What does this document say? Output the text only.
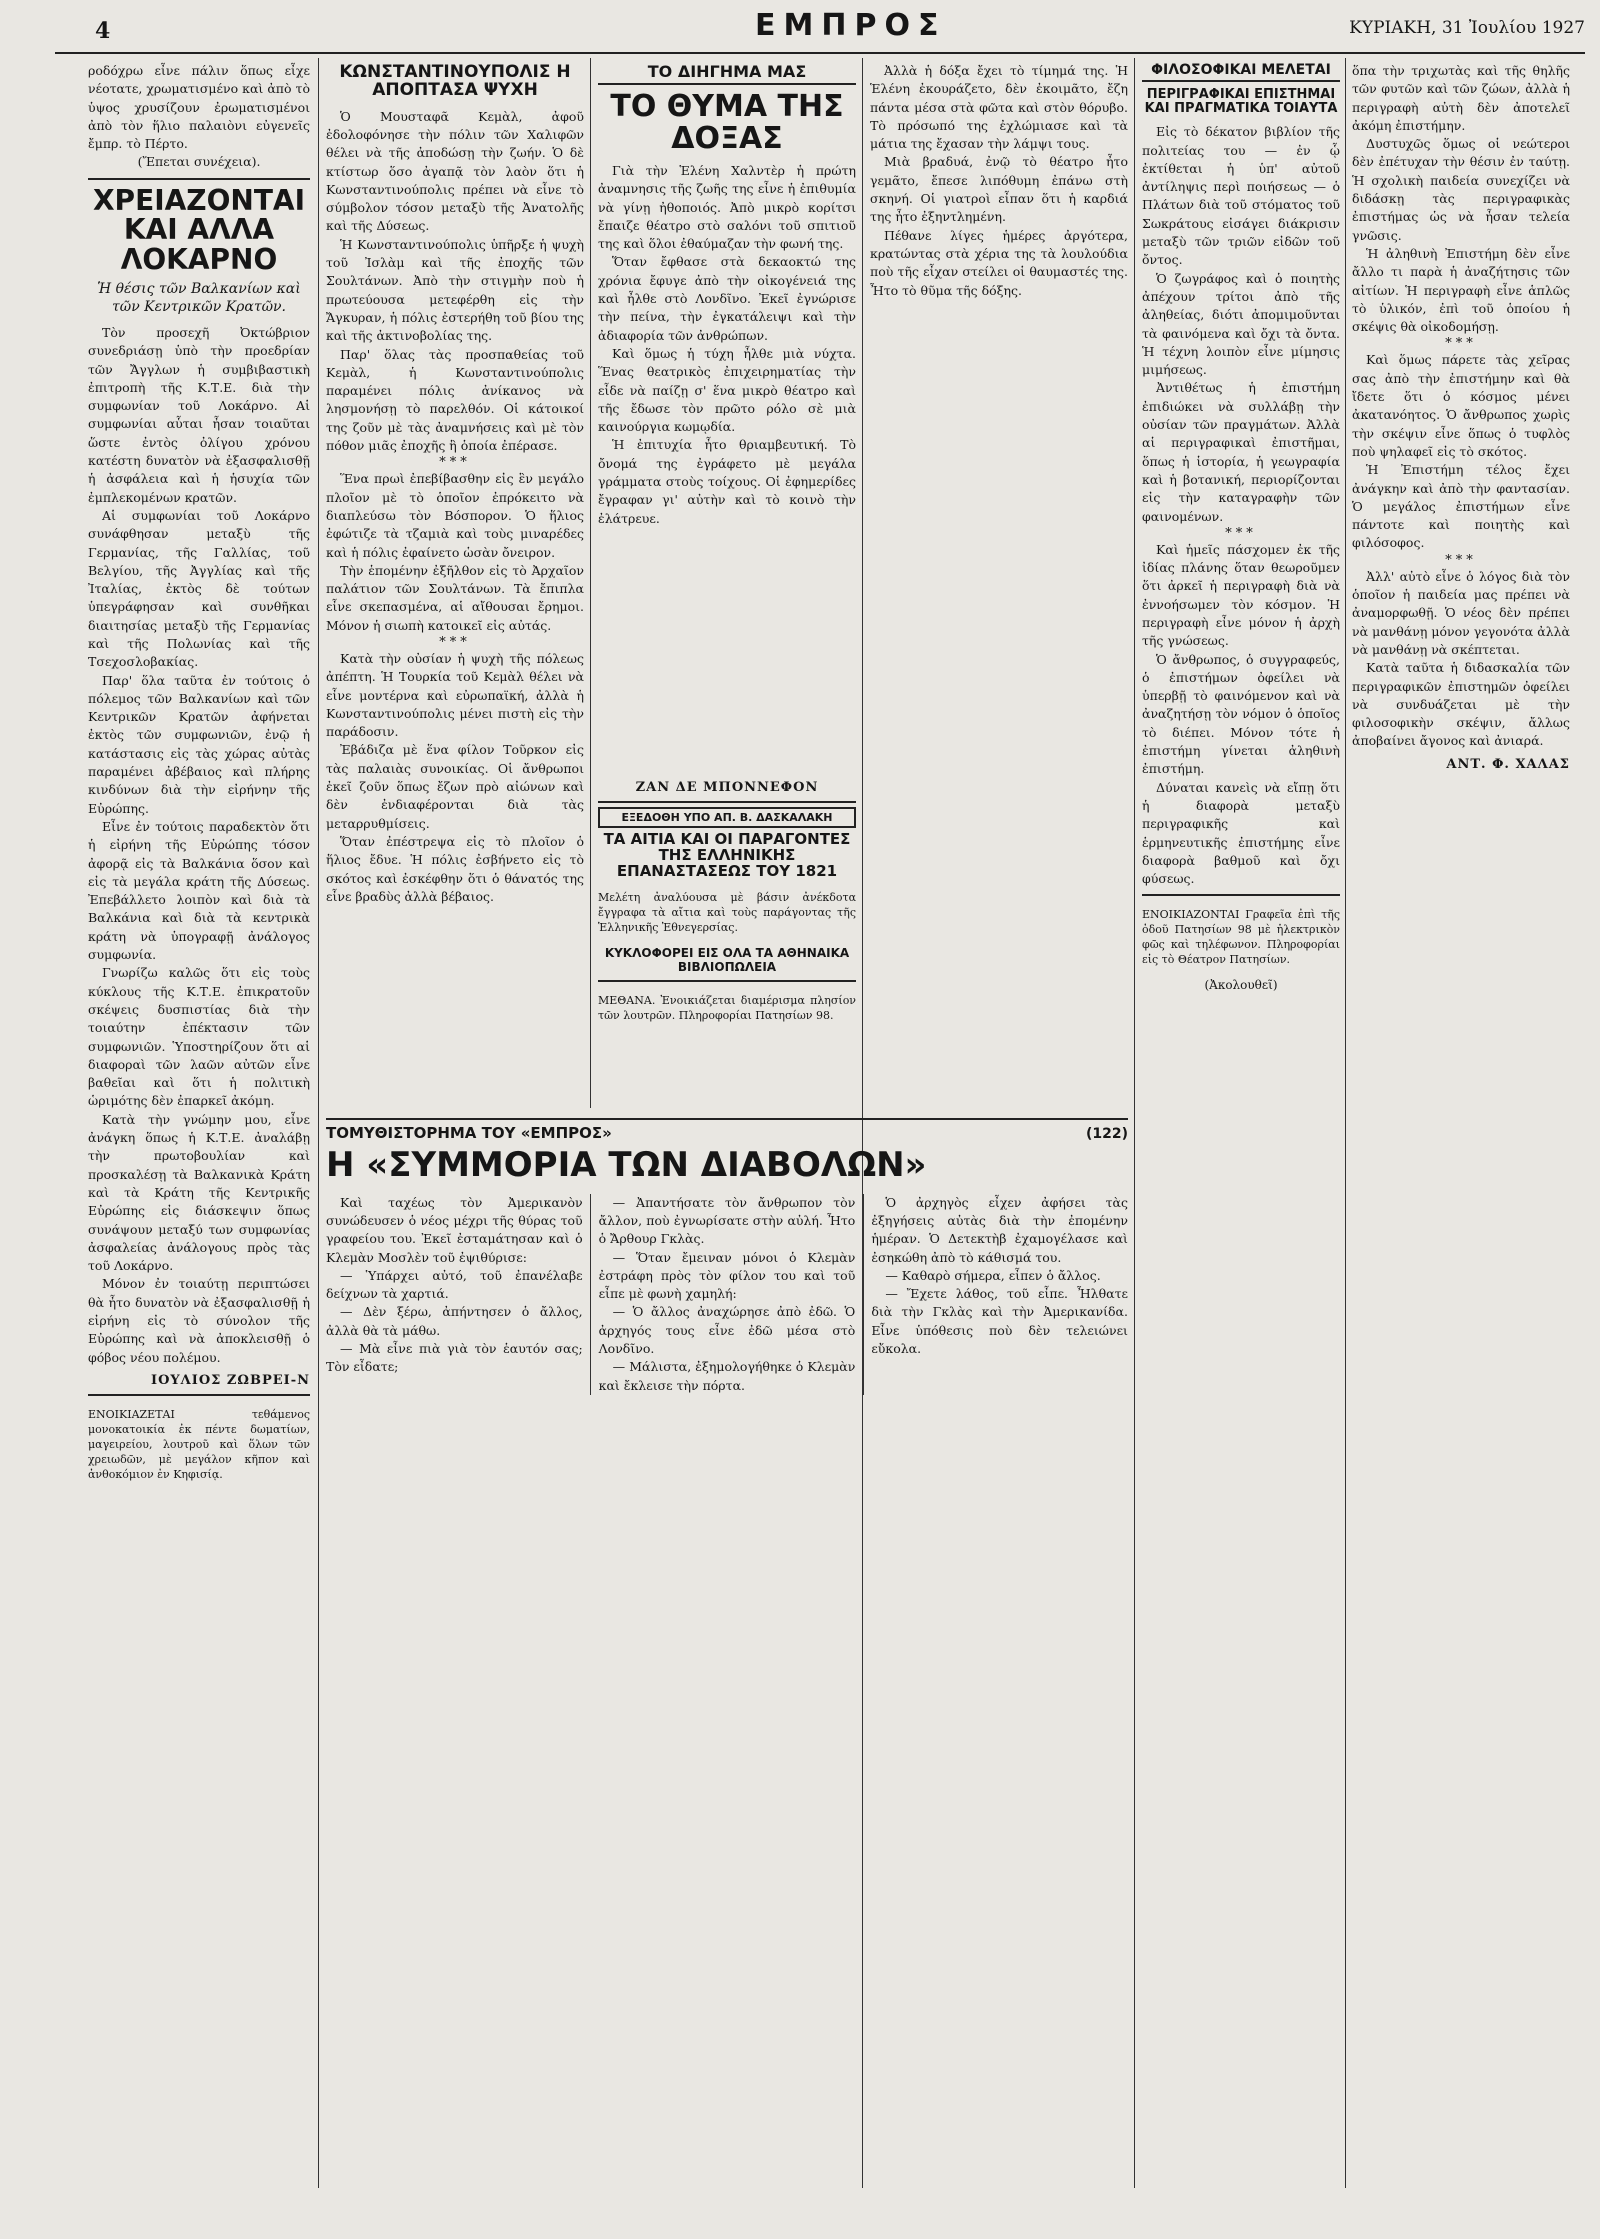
4	ΕΜΠΡΟΣ	ΚΥΡΙΑΚΗ, 31 Ἰουλίου 1927

ροδόχρω εἶνε πάλιν ὅπως εἶχε νέοτατε, χρωματισμένο καὶ ἀπὸ τὸ ὑψος χρυσίζουν ἐρωματισμένοι ἀπὸ τὸν ἥλιο παλαιὸνι εὐγενεῖς ἔμπρ. τὸ Πέρτο.

(Ἔπεται συνέχεια).

ΧΡΕΙΑΖΟΝΤΑΙ ΚΑΙ ΑΛΛΑ ΛΟΚΑΡΝΟ
Ἡ θέσις τῶν Βαλκανίων καὶ τῶν Κεντρικῶν Κρατῶν.

Τὸν προσεχῆ Ὀκτώβριον συνεδριάσῃ ὑπὸ τὴν προεδρίαν τῶν Ἄγγλων ἡ συμβιβαστικὴ ἐπιτροπὴ τῆς Κ.Τ.Ε. διὰ τὴν συμφωνίαν τοῦ Λοκάρνο. Αἱ συμφωνίαι αὗται ἦσαν τοιαῦται ὥστε ἐντὸς ὀλίγου χρόνου κατέστη δυνατὸν νὰ ἐξασφαλισθῇ ἡ ἀσφάλεια καὶ ἡ ἡσυχία τῶν ἐμπλεκομένων κρατῶν.

Αἱ συμφωνίαι τοῦ Λοκάρνο συνάφθησαν μεταξὺ τῆς Γερμανίας, τῆς Γαλλίας, τοῦ Βελγίου, τῆς Ἀγγλίας καὶ τῆς Ἰταλίας, ἐκτὸς δὲ τούτων ὑπεγράφησαν καὶ συνθῆκαι διαιτησίας μεταξὺ τῆς Γερμανίας καὶ τῆς Πολωνίας καὶ τῆς Τσεχοσλοβακίας.

Παρ' ὅλα ταῦτα ἐν τούτοις ὁ πόλεμος τῶν Βαλκανίων καὶ τῶν Κεντρικῶν Κρατῶν ἀφήνεται ἐκτὸς τῶν συμφωνιῶν, ἐνῷ ἡ κατάστασις εἰς τὰς χώρας αὐτὰς παραμένει ἀβέβαιος καὶ πλήρης κινδύνων διὰ τὴν εἰρήνην τῆς Εὐρώπης.

Εἶνε ἐν τούτοις παραδεκτὸν ὅτι ἡ εἰρήνη τῆς Εὐρώπης τόσον ἀφορᾷ εἰς τὰ Βαλκάνια ὅσον καὶ εἰς τὰ μεγάλα κράτη τῆς Δύσεως. Ἐπεβάλλετο λοιπὸν καὶ διὰ τὰ Βαλκάνια καὶ διὰ τὰ κεντρικὰ κράτη νὰ ὑπογραφῇ ἀνάλογος συμφωνία.

Γνωρίζω καλῶς ὅτι εἰς τοὺς κύκλους τῆς Κ.Τ.Ε. ἐπικρατοῦν σκέψεις δυσπιστίας διὰ τὴν τοιαύτην ἐπέκτασιν τῶν συμφωνιῶν. Ὑποστηρίζουν ὅτι αἱ διαφοραὶ τῶν λαῶν αὐτῶν εἶνε βαθεῖαι καὶ ὅτι ἡ πολιτικὴ ὡριμότης δὲν ἐπαρκεῖ ἀκόμη.

Κατὰ τὴν γνώμην μου, εἶνε ἀνάγκη ὅπως ἡ Κ.Τ.Ε. ἀναλάβῃ τὴν πρωτοβουλίαν καὶ προσκαλέσῃ τὰ Βαλκανικὰ Κράτη καὶ τὰ Κράτη τῆς Κεντρικῆς Εὐρώπης εἰς διάσκεψιν ὅπως συνάψουν μεταξύ των συμφωνίας ἀσφαλείας ἀνάλογους πρὸς τὰς τοῦ Λοκάρνο.

Μόνον ἐν τοιαύτῃ περιπτώσει θὰ ἦτο δυνατὸν νὰ ἐξασφαλισθῇ ἡ εἰρήνη εἰς τὸ σύνολον τῆς Εὐρώπης καὶ νὰ ἀποκλεισθῇ ὁ φόβος νέου πολέμου.

ΙΟΥΛΙΟΣ ΖΩΒΡΕΙ-Ν

ΕΝΟΙΚΙΑΖΕΤΑΙ τεθάμενος μονοκατοικία ἐκ πέντε δωματίων, μαγειρείου, λουτροῦ καὶ ὅλων τῶν χρειωδῶν, μὲ μεγάλον κῆπον καὶ ἀνθοκόμιον ἐν Κηφισίᾳ.

ΚΩΝΣΤΑΝΤΙΝΟΥΠΟΛΙΣ Η ΑΠΟΠΤΑΣΑ ΨΥΧΗ

Ὁ Μουσταφᾶ Κεμὰλ, ἀφοῦ ἐδολοφόνησε τὴν πόλιν τῶν Χαλιφῶν θέλει νὰ τῆς ἀποδώσῃ τὴν ζωήν. Ὁ δὲ κτίστωρ ὅσο ἀγαπᾷ τὸν λαὸν ὅτι ἡ Κωνσταντινούπολις πρέπει νὰ εἶνε τὸ σύμβολον τόσον μεταξὺ τῆς Ἀνατολῆς καὶ τῆς Δύσεως.

Ἡ Κωνσταντινούπολις ὑπῆρξε ἡ ψυχὴ τοῦ Ἰσλὰμ καὶ τῆς ἐποχῆς τῶν Σουλτάνων. Ἀπὸ τὴν στιγμὴν ποὺ ἡ πρωτεύουσα μετεφέρθη εἰς τὴν Ἄγκυραν, ἡ πόλις ἐστερήθη τοῦ βίου της καὶ τῆς ἀκτινοβολίας της.

Παρ' ὅλας τὰς προσπαθείας τοῦ Κεμὰλ, ἡ Κωνσταντινούπολις παραμένει πόλις ἀνίκανος νὰ λησμονήσῃ τὸ παρελθόν. Οἱ κάτοικοί της ζοῦν μὲ τὰς ἀναμνήσεις καὶ μὲ τὸν πόθον μιᾶς ἐποχῆς ἣ ὁποία ἐπέρασε.

***

Ἕνα πρωὶ ἐπεβίβασθην εἰς ἓν μεγάλο πλοῖον μὲ τὸ ὁποῖον ἐπρόκειτο νὰ διαπλεύσω τὸν Βόσπορον. Ὁ ἥλιος ἐφώτιζε τὰ τζαμιὰ καὶ τοὺς μιναρέδες καὶ ἡ πόλις ἐφαίνετο ὡσὰν ὄνειρον.

Τὴν ἑπομένην ἐξῆλθον εἰς τὸ Ἀρχαῖον παλάτιον τῶν Σουλτάνων. Τὰ ἔπιπλα εἶνε σκεπασμένα, αἱ αἴθουσαι ἔρημοι. Μόνον ἡ σιωπὴ κατοικεῖ εἰς αὐτάς.

***

Κατὰ τὴν οὐσίαν ἡ ψυχὴ τῆς πόλεως ἀπέπτη. Ἡ Τουρκία τοῦ Κεμὰλ θέλει νὰ εἶνε μοντέρνα καὶ εὐρωπαϊκή, ἀλλὰ ἡ Κωνσταντινούπολις μένει πιστὴ εἰς τὴν παράδοσιν.

Ἐβάδιζα μὲ ἕνα φίλον Τοῦρκον εἰς τὰς παλαιὰς συνοικίας. Οἱ ἄνθρωποι ἐκεῖ ζοῦν ὅπως ἔζων πρὸ αἰώνων καὶ δὲν ἐνδιαφέρονται διὰ τὰς μεταρρυθμίσεις.

Ὅταν ἐπέστρεψα εἰς τὸ πλοῖον ὁ ἥλιος ἔδυε. Ἡ πόλις ἐσβήνετο εἰς τὸ σκότος καὶ ἐσκέφθην ὅτι ὁ θάνατός της εἶνε βραδὺς ἀλλὰ βέβαιος.

ΖΑΝ ΔΕ ΜΠΟΝΝΕΦΟΝ
ΕΞΕΔΟΘΗ ΥΠΟ ΑΠ. Β. ΔΑΣΚΑΛΑΚΗ
ΤΑ ΑΙΤΙΑ ΚΑΙ ΟΙ ΠΑΡΑΓΟΝΤΕΣ ΤΗΣ ΕΛΛΗΝΙΚΗΣ ΕΠΑΝΑΣΤΑΣΕΩΣ ΤΟΥ 1821

Μελέτη ἀναλύουσα μὲ βάσιν ἀνέκδοτα ἔγγραφα τὰ αἴτια καὶ τοὺς παράγοντας τῆς Ἑλληνικῆς Ἐθνεγερσίας.

ΚΥΚΛΟΦΟΡΕΙ ΕΙΣ ΟΛΑ ΤΑ ΑΘΗΝΑΙΚΑ ΒΙΒΛΙΟΠΩΛΕΙΑ

ΜΕΘΑΝΑ. Ἐνοικιάζεται διαμέρισμα πλησίον τῶν λουτρῶν. Πληροφορίαι Πατησίων 98.

ΤΟ ΔΙΗΓΗΜΑ ΜΑΣ
ΤΟ ΘΥΜΑ ΤΗΣ ΔΟΞΑΣ

Γιὰ τὴν Ἑλένη Χαλντὲρ ἡ πρώτη ἀναμνησις τῆς ζωῆς της εἶνε ἡ ἐπιθυμία νὰ γίνῃ ἠθοποιός. Ἀπὸ μικρὸ κορίτσι ἔπαιζε θέατρο στὸ σαλόνι τοῦ σπιτιοῦ της καὶ ὅλοι ἐθαύμαζαν τὴν φωνή της.

Ὅταν ἔφθασε στὰ δεκαοκτώ της χρόνια ἔφυγε ἀπὸ τὴν οἰκογένειά της καὶ ἦλθε στὸ Λονδῖνο. Ἐκεῖ ἐγνώρισε τὴν πείνα, τὴν ἐγκατάλειψι καὶ τὴν ἀδιαφορία τῶν ἀνθρώπων.

Καὶ ὅμως ἡ τύχη ἦλθε μιὰ νύχτα. Ἕνας θεατρικὸς ἐπιχειρηματίας τὴν εἶδε νὰ παίζῃ σ' ἕνα μικρὸ θέατρο καὶ τῆς ἔδωσε τὸν πρῶτο ρόλο σὲ μιὰ καινούργια κωμῳδία.

Ἡ ἐπιτυχία ἦτο θριαμβευτική. Τὸ ὄνομά της ἐγράφετο μὲ μεγάλα γράμματα στοὺς τοίχους. Οἱ ἐφημερίδες ἔγραφαν γι' αὐτὴν καὶ τὸ κοινὸ τὴν ἐλάτρευε.

Ἀλλὰ ἡ δόξα ἔχει τὸ τίμημά της. Ἡ Ἑλένη ἐκουράζετο, δὲν ἐκοιμᾶτο, ἔζη πάντα μέσα στὰ φῶτα καὶ στὸν θόρυβο. Τὸ πρόσωπό της ἐχλώμιασε καὶ τὰ μάτια της ἔχασαν τὴν λάμψι τους.

Μιὰ βραδυά, ἐνῷ τὸ θέατρο ἦτο γεμᾶτο, ἔπεσε λιπόθυμη ἐπάνω στὴ σκηνή. Οἱ γιατροὶ εἶπαν ὅτι ἡ καρδιά της ἦτο ἐξηντλημένη.

Πέθανε λίγες ἡμέρες ἀργότερα, κρατώντας στὰ χέρια της τὰ λουλούδια ποὺ τῆς εἶχαν στείλει οἱ θαυμαστές της. Ἦτο τὸ θῦμα τῆς δόξης.

ΤΟΜΥΘΙΣΤΟΡΗΜΑ ΤΟΥ «ΕΜΠΡΟΣ»	(122)
Η «ΣΥΜΜΟΡΙΑ ΤΩΝ ΔΙΑΒΟΛΩΝ»

Καὶ ταχέως τὸν Ἀμερικανὸν συνώδευσεν ὁ νέος μέχρι τῆς θύρας τοῦ γραφείου του. Ἐκεῖ ἐσταμάτησαν καὶ ὁ Κλεμὰν Μοσλὲν τοῦ ἐψιθύρισε:

— Ὑπάρχει αὐτό, τοῦ ἐπανέλαβε δείχνων τὰ χαρτιά.

— Δὲν ξέρω, ἀπήντησεν ὁ ἄλλος, ἀλλὰ θὰ τὰ μάθω.

— Μὰ εἶνε πιὰ γιὰ τὸν ἑαυτόν σας; Τὸν εἶδατε;

— Ἀπαντήσατε τὸν ἄνθρωπον τὸν ἄλλον, ποὺ ἐγνωρίσατε στὴν αὐλή. Ἦτο ὁ Ἄρθουρ Γκλὰς.

— Ὅταν ἔμειναν μόνοι ὁ Κλεμὰν ἐστράφη πρὸς τὸν φίλον του καὶ τοῦ εἶπε μὲ φωνὴ χαμηλή:

— Ὁ ἄλλος ἀναχώρησε ἀπὸ ἐδῶ. Ὁ ἀρχηγός τους εἶνε ἐδῶ μέσα στὸ Λονδῖνο.

— Μάλιστα, ἐξημολογήθηκε ὁ Κλεμὰν καὶ ἔκλεισε τὴν πόρτα.

Ὁ ἀρχηγὸς εἶχεν ἀφήσει τὰς ἐξηγήσεις αὐτὰς διὰ τὴν ἐπομένην ἡμέραν. Ὁ Δετεκτὴβ ἐχαμογέλασε καὶ ἐσηκώθη ἀπὸ τὸ κάθισμά του.

— Καθαρὸ σήμερα, εἶπεν ὁ ἄλλος.

— Ἔχετε λάθος, τοῦ εἶπε. Ἦλθατε διὰ τὴν Γκλὰς καὶ τὴν Ἀμερικανίδα. Εἶνε ὑπόθεσις ποὺ δὲν τελειώνει εὔκολα.

ΦΙΛΟΣΟΦΙΚΑΙ ΜΕΛΕΤΑΙ
ΠΕΡΙΓΡΑΦΙΚΑΙ ΕΠΙΣΤΗΜΑΙ ΚΑΙ ΠΡΑΓΜΑΤΙΚΑ ΤΟΙΑΥΤΑ

Εἰς τὸ δέκατον βιβλίον τῆς πολιτείας του — ἐν ᾧ ἐκτίθεται ἡ ὑπ' αὐτοῦ ἀντίληψις περὶ ποιήσεως — ὁ Πλάτων διὰ τοῦ στόματος τοῦ Σωκράτους εἰσάγει διάκρισιν μεταξὺ τῶν τριῶν εἰδῶν τοῦ ὄντος.

Ὁ ζωγράφος καὶ ὁ ποιητὴς ἀπέχουν τρίτοι ἀπὸ τῆς ἀληθείας, διότι ἀπομιμοῦνται τὰ φαινόμενα καὶ ὄχι τὰ ὄντα. Ἡ τέχνη λοιπὸν εἶνε μίμησις μιμήσεως.

Ἀντιθέτως ἡ ἐπιστήμη ἐπιδιώκει νὰ συλλάβῃ τὴν οὐσίαν τῶν πραγμάτων. Ἀλλὰ αἱ περιγραφικαὶ ἐπιστῆμαι, ὅπως ἡ ἱστορία, ἡ γεωγραφία καὶ ἡ βοτανική, περιορίζονται εἰς τὴν καταγραφὴν τῶν φαινομένων.

***

Καὶ ἡμεῖς πάσχομεν ἐκ τῆς ἰδίας πλάνης ὅταν θεωροῦμεν ὅτι ἀρκεῖ ἡ περιγραφὴ διὰ νὰ ἐννοήσωμεν τὸν κόσμον. Ἡ περιγραφὴ εἶνε μόνον ἡ ἀρχὴ τῆς γνώσεως.

Ὁ ἄνθρωπος, ὁ συγγραφεύς, ὁ ἐπιστήμων ὀφείλει νὰ ὑπερβῇ τὸ φαινόμενον καὶ νὰ ἀναζητήσῃ τὸν νόμον ὁ ὁποῖος τὸ διέπει. Μόνον τότε ἡ ἐπιστήμη γίνεται ἀληθινὴ ἐπιστήμη.

Δύναται κανεὶς νὰ εἴπῃ ὅτι ἡ διαφορὰ μεταξὺ περιγραφικῆς καὶ ἑρμηνευτικῆς ἐπιστήμης εἶνε διαφορὰ βαθμοῦ καὶ ὄχι φύσεως.

ΕΝΟΙΚΙΑΖΟΝΤΑΙ Γραφεῖα ἐπὶ τῆς ὁδοῦ Πατησίων 98 μὲ ἡλεκτρικὸν φῶς καὶ τηλέφωνον. Πληροφορίαι εἰς τὸ Θέατρον Πατησίων.

(Ἀκολουθεῖ)

ὅπα τὴν τριχωτὰς καὶ τῆς θηλῆς τῶν φυτῶν καὶ τῶν ζώων, ἀλλὰ ἡ περιγραφὴ αὐτὴ δὲν ἀποτελεῖ ἀκόμη ἐπιστήμην.

Δυστυχῶς ὅμως οἱ νεώτεροι δὲν ἐπέτυχαν τὴν θέσιν ἐν ταύτῃ. Ἡ σχολικὴ παιδεία συνεχίζει νὰ διδάσκῃ τὰς περιγραφικὰς ἐπιστήμας ὡς νὰ ἦσαν τελεία γνῶσις.

Ἡ ἀληθινὴ Ἐπιστήμη δὲν εἶνε ἄλλο τι παρὰ ἡ ἀναζήτησις τῶν αἰτίων. Ἡ περιγραφὴ εἶνε ἁπλῶς τὸ ὑλικόν, ἐπὶ τοῦ ὁποίου ἡ σκέψις θὰ οἰκοδομήσῃ.

***

Καὶ ὅμως πάρετε τὰς χεῖρας σας ἀπὸ τὴν ἐπιστήμην καὶ θὰ ἴδετε ὅτι ὁ κόσμος μένει ἀκατανόητος. Ὁ ἄνθρωπος χωρὶς τὴν σκέψιν εἶνε ὅπως ὁ τυφλὸς ποὺ ψηλαφεῖ εἰς τὸ σκότος.

Ἡ Ἐπιστήμη τέλος ἔχει ἀνάγκην καὶ ἀπὸ τὴν φαντασίαν. Ὁ μεγάλος ἐπιστήμων εἶνε πάντοτε καὶ ποιητὴς καὶ φιλόσοφος.

***

Ἀλλ' αὐτὸ εἶνε ὁ λόγος διὰ τὸν ὁποῖον ἡ παιδεία μας πρέπει νὰ ἀναμορφωθῇ. Ὁ νέος δὲν πρέπει νὰ μανθάνῃ μόνον γεγονότα ἀλλὰ νὰ μανθάνῃ νὰ σκέπτεται.

Κατὰ ταῦτα ἡ διδασκαλία τῶν περιγραφικῶν ἐπιστημῶν ὀφείλει νὰ συνδυάζεται μὲ τὴν φιλοσοφικὴν σκέψιν, ἄλλως ἀποβαίνει ἄγονος καὶ ἀνιαρά.

ΑΝΤ. Φ. ΧΑΛΑΣ
